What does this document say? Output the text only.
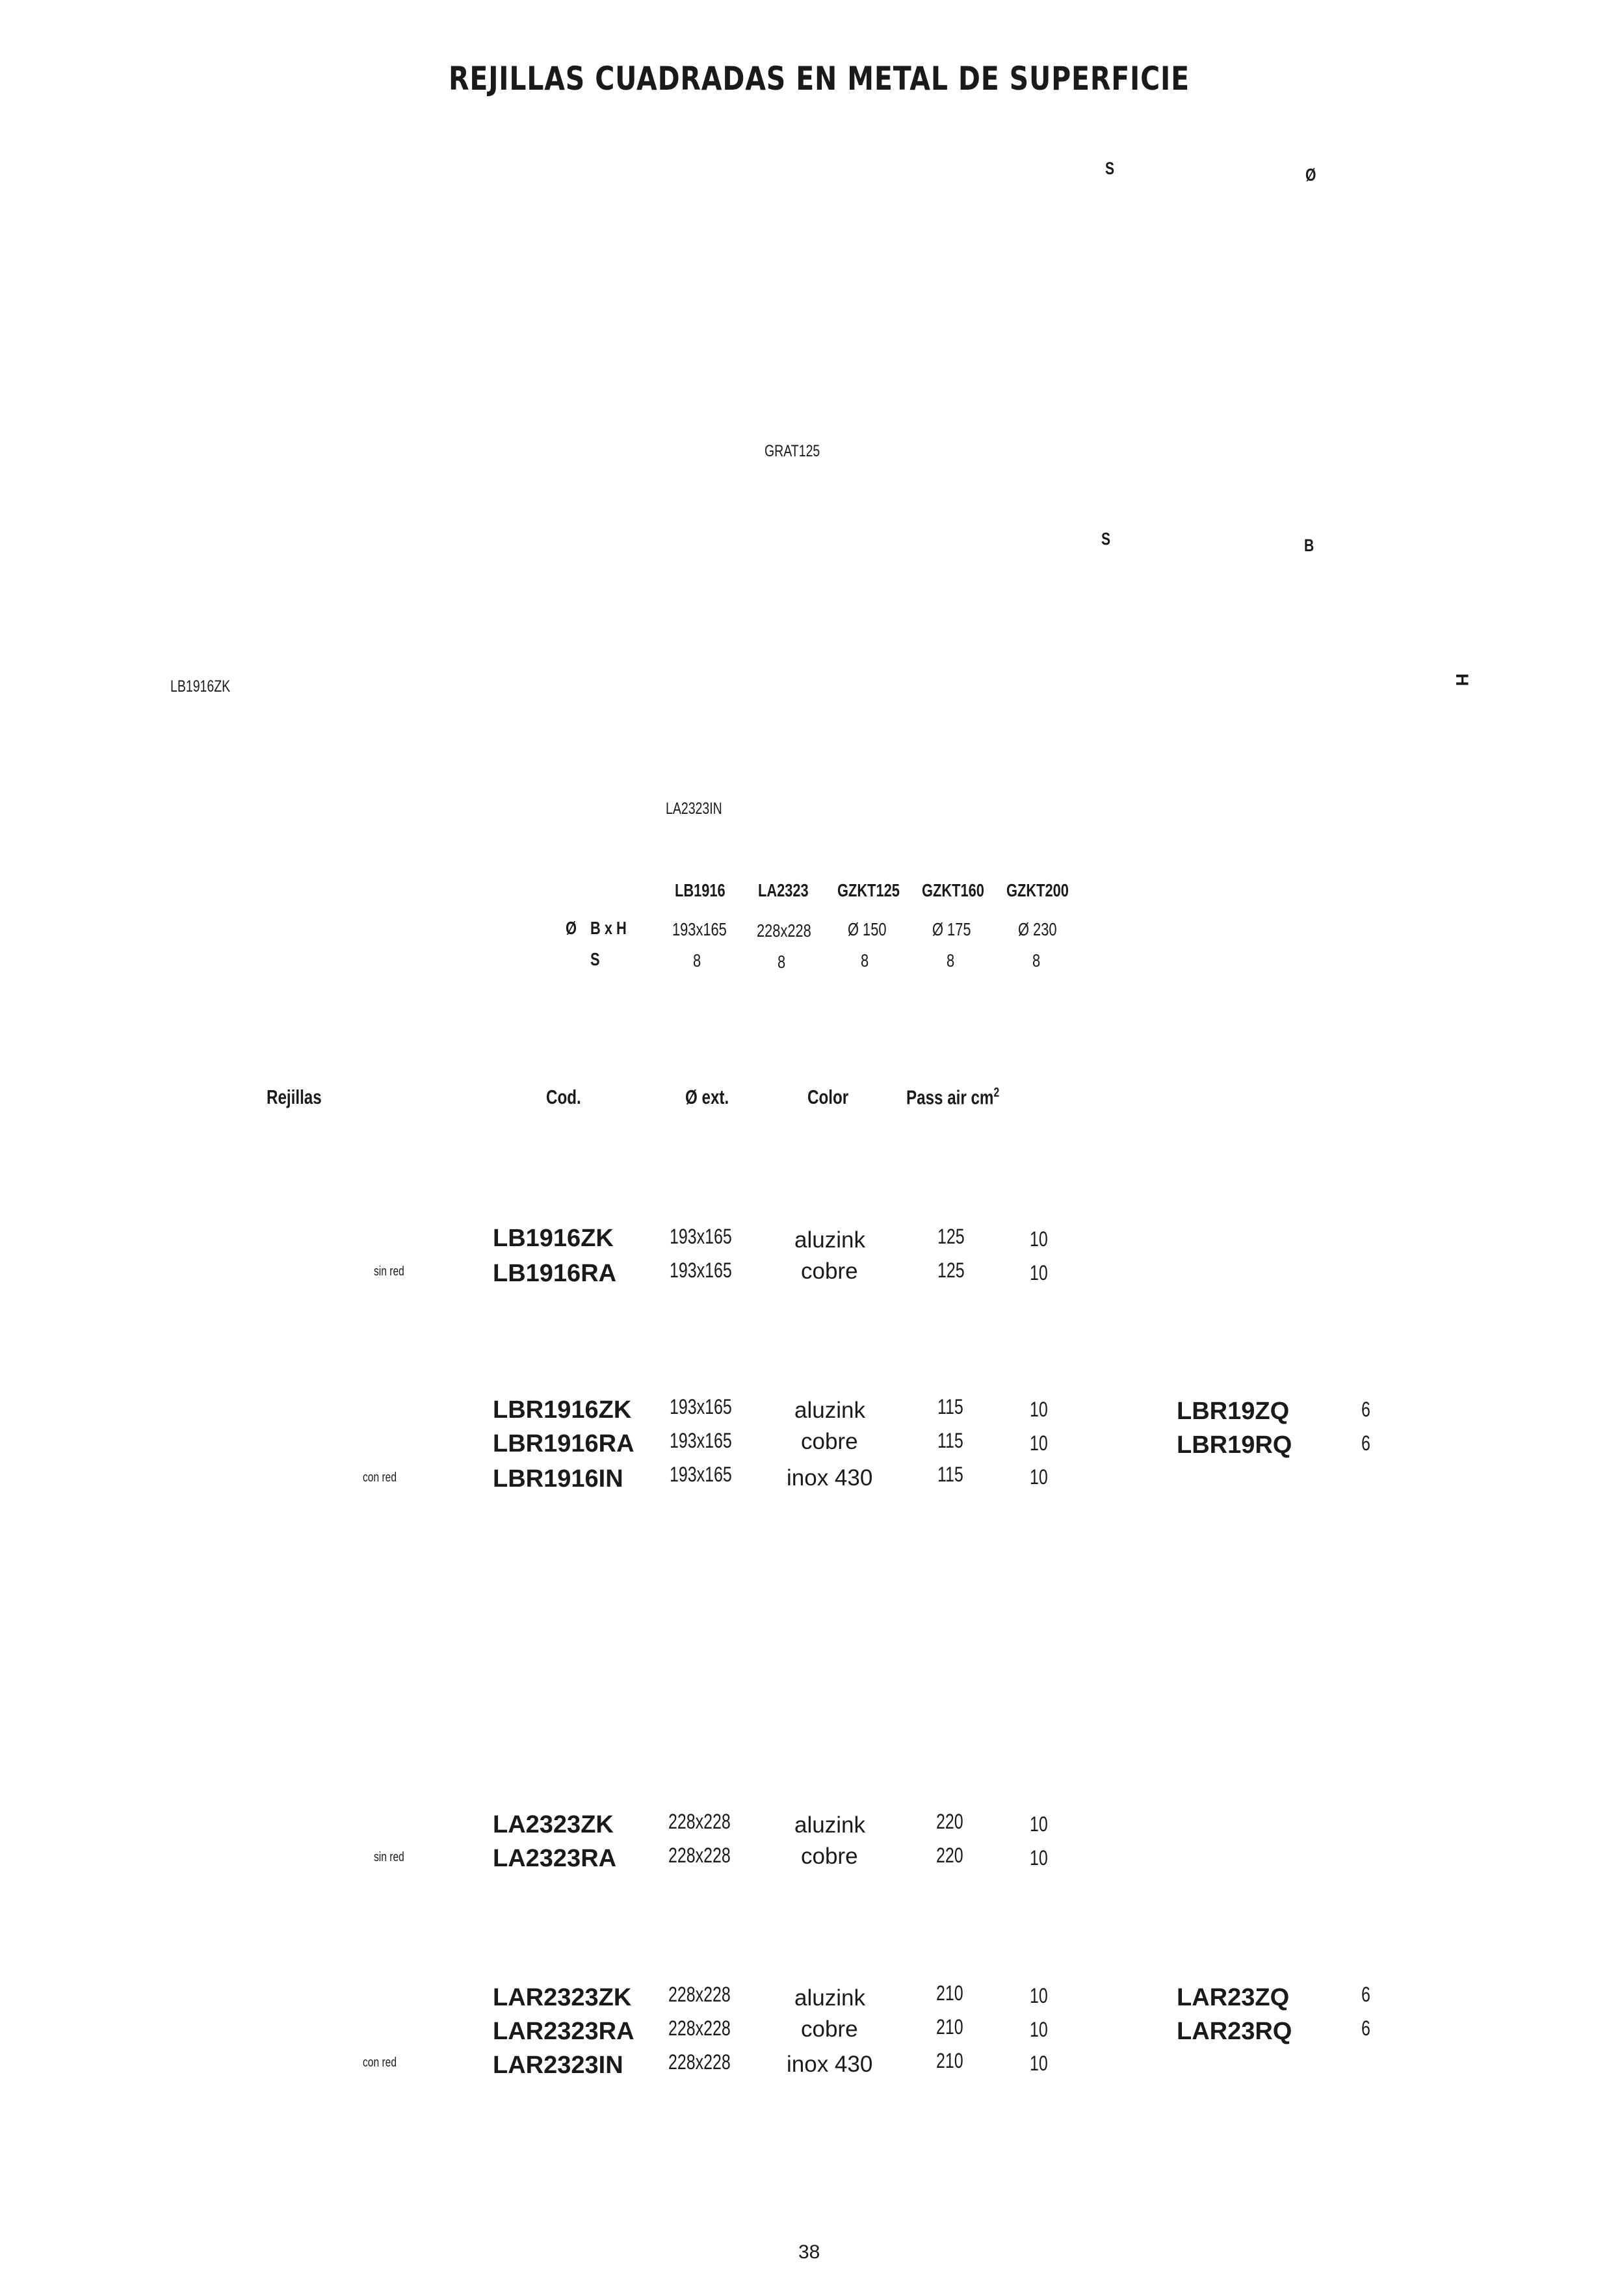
REJILLAS CUADRADAS EN METAL DE SUPERFICIE
S	Ø
GRAT125
S	B
H
LB1916ZK
LA2323IN
LB1916 LA2323 GZKT125 GZKT160 GZKT200
Ø B x H	193x165 228x228 Ø 150	Ø 175	Ø 230
S	8	8	8	8	8
Rejillas	Cod.	Ø ext.	Color	Pass air $cm^2$
sin red
LB1916ZK	193x165	aluzink	125	10
LB1916RA	193x165	cobre	125	10
con red
LBR1916ZK 193x165	aluzink	115	10
LBR1916RA 193x165	cobre	115	10
LBR1916IN 193x165 inox 430	115	10
LBR19ZQ	6
LBR19RQ	6
sin red
LA2323ZK	228x228	aluzink	220	10
LA2323RA 228x228	cobre	220	10
con red
LAR2323ZK 228x228	aluzink	210	10
LAR2323RA 228x228	cobre	210	10
LAR2323IN 228x228 inox 430	210	10
LAR23ZQ	6
LAR23RQ	6
38
